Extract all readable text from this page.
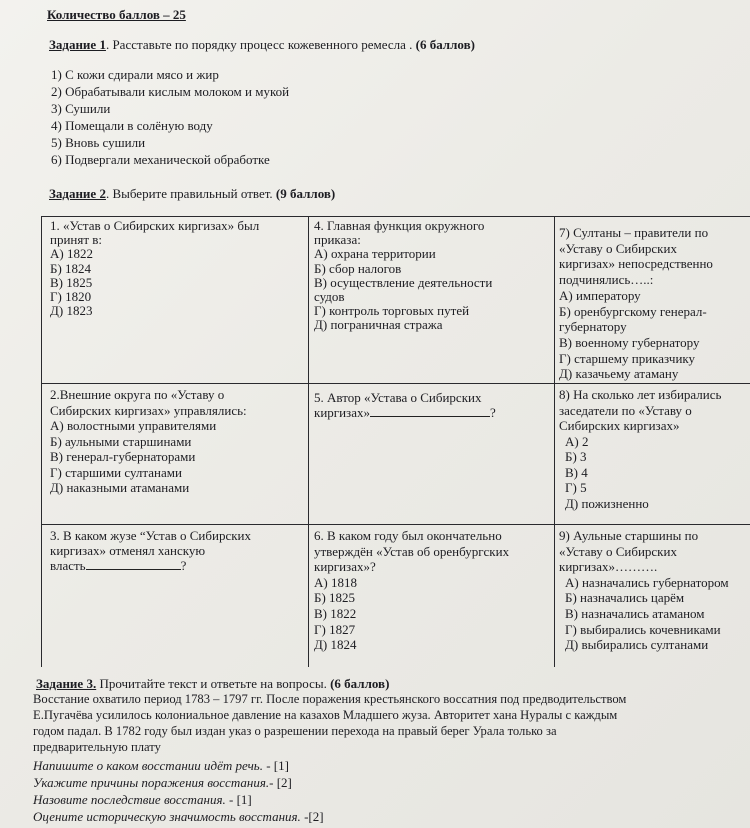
Количество баллов – 25
Задание 1. Расставьте по порядку процесс кожевенного ремесла . (6 баллов)
1) С кожи сдирали мясо и жир
2) Обрабатывали кислым молоком и мукой
3) Сушили
4) Помещали в солёную воду
5) Вновь сушили
6) Подвергали механической обработке
Задание 2. Выберите правильный ответ. (9 баллов)
1. «Устав о Сибирских киргизах» был
принят в:
А) 1822
Б) 1824
В) 1825
Г) 1820
Д) 1823
4. Главная функция окружного
приказа:
А) охрана территории
Б) сбор налогов
В) осуществление деятельности
судов
Г) контроль торговых путей
Д) пограничная стража
7) Султаны – правители по
«Уставу о Сибирских
киргизах» непосредственно
подчинялись…..:
А) императору
Б) оренбургскому генерал-
губернатору
В) военному губернатору
Г) старшему приказчику
Д) казачьему атаману
2.Внешние округа по «Уставу о
Сибирских киргизах» управлялись:
А) волостными управителями
Б) аульными старшинами
В) генерал-губернаторами
Г) старшими султанами
Д) наказными атаманами
5. Автор «Устава о Сибирских
киргизах»	?
8) На сколько лет избирались
заседатели по «Уставу о
Сибирских киргизах»
А) 2
Б) 3
В) 4
Г) 5
Д) пожизненно
3. В каком жузе “Устав о Сибирских
киргизах» отменял ханскую
власть	?
6. В каком году был окончательно
утверждён «Устав об оренбургских
киргизах»?
А) 1818
Б) 1825
В) 1822
Г) 1827
Д) 1824
9) Аульные старшины по
«Уставу о Сибирских
киргизах»……….
А) назначались губернатором
Б) назначались царём
В) назначались атаманом
Г) выбирались кочевниками
Д) выбирались султанами
Задание 3. Прочитайте текст и ответьте на вопросы. (6 баллов)
Восстание охватило период 1783 – 1797 гг. После поражения крестьянского воссатния под предводительством
Е.Пугачёва усилилось колониальное давление на казахов Младшего жуза. Авторитет хана Нуралы с каждым
годом падал. В 1782 году был издан указ о разрешении перехода на правый берег Урала только за
предварительную плату
Напишите о каком восстании идёт речь. - [1]
Укажите причины поражения восстания.- [2]
Назовите последствие восстания. - [1]
Оцените историческую значимость восстания. -[2]
